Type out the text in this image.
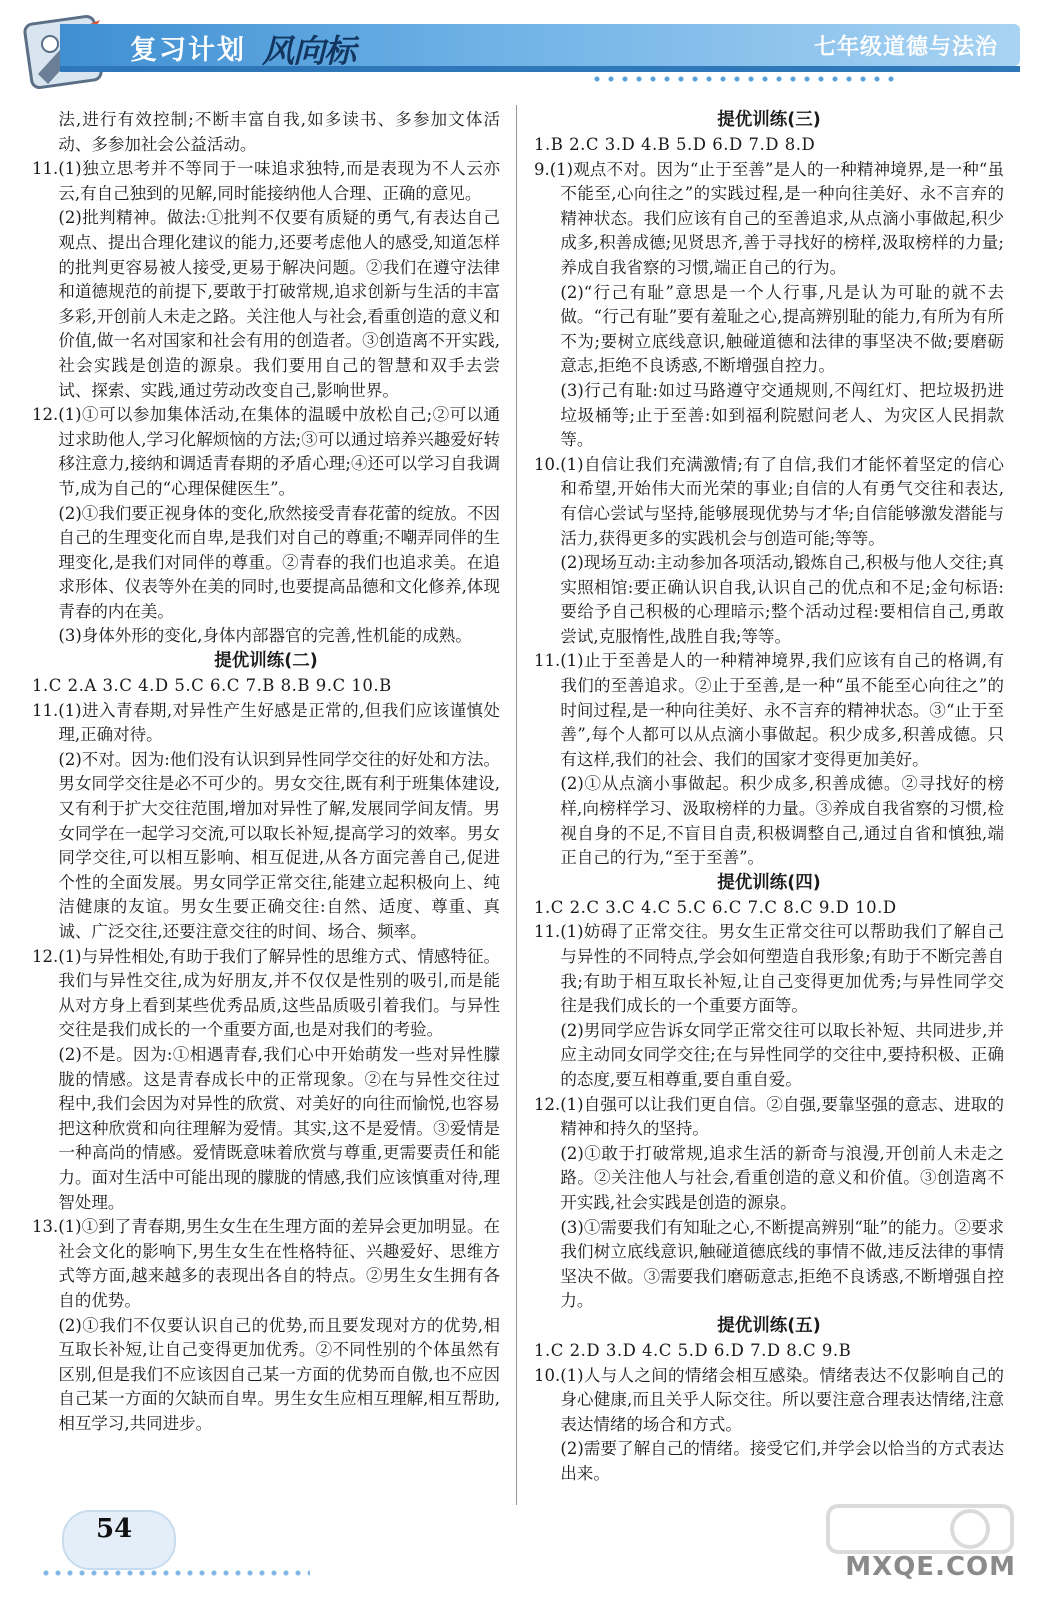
复习计划 风向标	七年级道德与法治

法,进行有效控制;不断丰富自我,如多读书、多参加文体活动、多参加社会公益活动。

11.(1)独立思考并不等同于一味追求独特,而是表现为不人云亦云,有自己独到的见解,同时能接纳他人合理、正确的意见。

(2)批判精神。做法:①批判不仅要有质疑的勇气,有表达自己观点、提出合理化建议的能力,还要考虑他人的感受,知道怎样的批判更容易被人接受,更易于解决问题。②我们在遵守法律和道德规范的前提下,要敢于打破常规,追求创新与生活的丰富多彩,开创前人未走之路。关注他人与社会,看重创造的意义和价值,做一名对国家和社会有用的创造者。③创造离不开实践,社会实践是创造的源泉。我们要用自己的智慧和双手去尝试、探索、实践,通过劳动改变自己,影响世界。

12.(1)①可以参加集体活动,在集体的温暖中放松自己;②可以通过求助他人,学习化解烦恼的方法;③可以通过培养兴趣爱好转移注意力,接纳和调适青春期的矛盾心理;④还可以学习自我调节,成为自己的“心理保健医生”。

(2)①我们要正视身体的变化,欣然接受青春花蕾的绽放。不因自己的生理变化而自卑,是我们对自己的尊重;不嘲弄同伴的生理变化,是我们对同伴的尊重。②青春的我们也追求美。在追求形体、仪表等外在美的同时,也要提高品德和文化修养,体现青春的内在美。

(3)身体外形的变化,身体内部器官的完善,性机能的成熟。

提优训练(二)

1.C 2.A 3.C 4.D 5.C 6.C 7.B 8.B 9.C 10.B

11.(1)进入青春期,对异性产生好感是正常的,但我们应该谨慎处理,正确对待。

(2)不对。因为:他们没有认识到异性同学交往的好处和方法。男女同学交往是必不可少的。男女交往,既有利于班集体建设,又有利于扩大交往范围,增加对异性了解,发展同学间友情。男女同学在一起学习交流,可以取长补短,提高学习的效率。男女同学交往,可以相互影响、相互促进,从各方面完善自己,促进个性的全面发展。男女同学正常交往,能建立起积极向上、纯洁健康的友谊。男女生要正确交往:自然、适度、尊重、真诚、广泛交往,还要注意交往的时间、场合、频率。

12.(1)与异性相处,有助于我们了解异性的思维方式、情感特征。我们与异性交往,成为好朋友,并不仅仅是性别的吸引,而是能从对方身上看到某些优秀品质,这些品质吸引着我们。与异性交往是我们成长的一个重要方面,也是对我们的考验。

(2)不是。因为:①相遇青春,我们心中开始萌发一些对异性朦胧的情感。这是青春成长中的正常现象。②在与异性交往过程中,我们会因为对异性的欣赏、对美好的向往而愉悦,也容易把这种欣赏和向往理解为爱情。其实,这不是爱情。③爱情是一种高尚的情感。爱情既意味着欣赏与尊重,更需要责任和能力。面对生活中可能出现的朦胧的情感,我们应该慎重对待,理智处理。

13.(1)①到了青春期,男生女生在生理方面的差异会更加明显。在社会文化的影响下,男生女生在性格特征、兴趣爱好、思维方式等方面,越来越多的表现出各自的特点。②男生女生拥有各自的优势。

(2)①我们不仅要认识自己的优势,而且要发现对方的优势,相互取长补短,让自己变得更加优秀。②不同性别的个体虽然有区别,但是我们不应该因自己某一方面的优势而自傲,也不应因自己某一方面的欠缺而自卑。男生女生应相互理解,相互帮助,相互学习,共同进步。

提优训练(三)

1.B 2.C 3.D 4.B 5.D 6.D 7.D 8.D

9.(1)观点不对。因为“止于至善”是人的一种精神境界,是一种“虽不能至,心向往之”的实践过程,是一种向往美好、永不言弃的精神状态。我们应该有自己的至善追求,从点滴小事做起,积少成多,积善成德;见贤思齐,善于寻找好的榜样,汲取榜样的力量;养成自我省察的习惯,端正自己的行为。

(2)“行己有耻”意思是一个人行事,凡是认为可耻的就不去做。“行己有耻”要有羞耻之心,提高辨别耻的能力,有所为有所不为;要树立底线意识,触碰道德和法律的事坚决不做;要磨砺意志,拒绝不良诱惑,不断增强自控力。

(3)行己有耻:如过马路遵守交通规则,不闯红灯、把垃圾扔进垃圾桶等;止于至善:如到福利院慰问老人、为灾区人民捐款等。

10.(1)自信让我们充满激情;有了自信,我们才能怀着坚定的信心和希望,开始伟大而光荣的事业;自信的人有勇气交往和表达,有信心尝试与坚持,能够展现优势与才华;自信能够激发潜能与活力,获得更多的实践机会与创造可能;等等。

(2)现场互动:主动参加各项活动,锻炼自己,积极与他人交往;真实照相馆:要正确认识自我,认识自己的优点和不足;金句标语:要给予自己积极的心理暗示;整个活动过程:要相信自己,勇敢尝试,克服惰性,战胜自我;等等。

11.(1)止于至善是人的一种精神境界,我们应该有自己的格调,有我们的至善追求。②止于至善,是一种“虽不能至心向往之”的时间过程,是一种向往美好、永不言弃的精神状态。③“止于至善”,每个人都可以从点滴小事做起。积少成多,积善成德。只有这样,我们的社会、我们的国家才变得更加美好。

(2)①从点滴小事做起。积少成多,积善成德。②寻找好的榜样,向榜样学习、汲取榜样的力量。③养成自我省察的习惯,检视自身的不足,不盲目自责,积极调整自己,通过自省和慎独,端正自己的行为,“至于至善”。

提优训练(四)

1.C 2.C 3.C 4.C 5.C 6.C 7.C 8.C 9.D 10.D

11.(1)妨碍了正常交往。男女生正常交往可以帮助我们了解自己与异性的不同特点,学会如何塑造自我形象;有助于不断完善自我;有助于相互取长补短,让自己变得更加优秀;与异性同学交往是我们成长的一个重要方面等。

(2)男同学应告诉女同学正常交往可以取长补短、共同进步,并应主动同女同学交往;在与异性同学的交往中,要持积极、正确的态度,要互相尊重,要自重自爱。

12.(1)自强可以让我们更自信。②自强,要靠坚强的意志、进取的精神和持久的坚持。

(2)①敢于打破常规,追求生活的新奇与浪漫,开创前人未走之路。②关注他人与社会,看重创造的意义和价值。③创造离不开实践,社会实践是创造的源泉。

(3)①需要我们有知耻之心,不断提高辨别“耻”的能力。②要求我们树立底线意识,触碰道德底线的事情不做,违反法律的事情坚决不做。③需要我们磨砺意志,拒绝不良诱惑,不断增强自控力。

提优训练(五)

1.C 2.D 3.D 4.C 5.D 6.D 7.D 8.C 9.B

10.(1)人与人之间的情绪会相互感染。情绪表达不仅影响自己的身心健康,而且关乎人际交往。所以要注意合理表达情绪,注意表达情绪的场合和方式。

(2)需要了解自己的情绪。接受它们,并学会以恰当的方式表达出来。

54
MXQE.COM
